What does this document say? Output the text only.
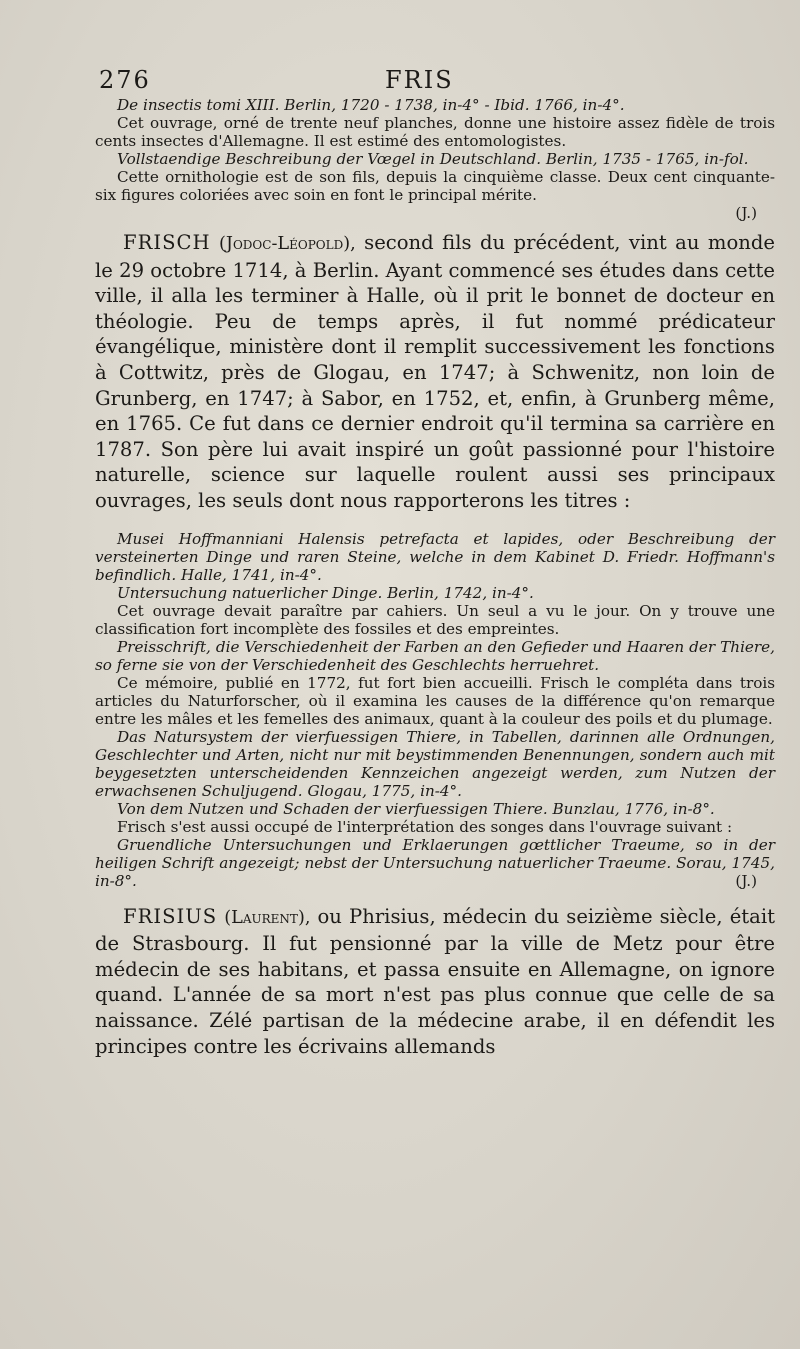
276	FRIS

De insectis tomi XIII. Berlin, 1720 - 1738, in-4° - Ibid. 1766, in-4°.

Cet ouvrage, orné de trente neuf planches, donne une histoire assez fidèle de trois cents insectes d'Allemagne. Il est estimé des entomologistes.

Vollstaendige Beschreibung der Vœgel in Deutschland. Berlin, 1735 - 1765, in-fol.

Cette ornithologie est de son fils, depuis la cinquième classe. Deux cent cinquante-six figures coloriées avec soin en font le principal mérite.

(J.)

FRISCH (Jodoc-Léopold), second fils du précédent, vint au monde le 29 octobre 1714, à Berlin. Ayant commencé ses études dans cette ville, il alla les terminer à Halle, où il prit le bonnet de docteur en théologie. Peu de temps après, il fut nommé prédicateur évangélique, ministère dont il remplit successivement les fonctions à Cottwitz, près de Glogau, en 1747; à Schwenitz, non loin de Grunberg, en 1747; à Sabor, en 1752, et, enfin, à Grunberg même, en 1765. Ce fut dans ce dernier endroit qu'il termina sa carrière en 1787. Son père lui avait inspiré un goût passionné pour l'histoire naturelle, science sur laquelle roulent aussi ses principaux ouvrages, les seuls dont nous rapporterons les titres :

Musei Hoffmanniani Halensis petrefacta et lapides, oder Beschreibung der versteinerten Dinge und raren Steine, welche in dem Kabinet D. Friedr. Hoffmann's befindlich. Halle, 1741, in-4°.

Untersuchung natuerlicher Dinge. Berlin, 1742, in-4°.

Cet ouvrage devait paraître par cahiers. Un seul a vu le jour. On y trouve une classification fort incomplète des fossiles et des empreintes.

Preisschrift, die Verschiedenheit der Farben an den Gefieder und Haaren der Thiere, so ferne sie von der Verschiedenheit des Geschlechts herruehret.

Ce mémoire, publié en 1772, fut fort bien accueilli. Frisch le compléta dans trois articles du Naturforscher, où il examina les causes de la différence qu'on remarque entre les mâles et les femelles des animaux, quant à la couleur des poils et du plumage.

Das Natursystem der vierfuessigen Thiere, in Tabellen, darinnen alle Ordnungen, Geschlechter und Arten, nicht nur mit beystimmenden Benennungen, sondern auch mit beygesetzten unterscheidenden Kennzeichen angezeigt werden, zum Nutzen der erwachsenen Schuljugend. Glogau, 1775, in-4°.

Von dem Nutzen und Schaden der vierfuessigen Thiere. Bunzlau, 1776, in-8°.

Frisch s'est aussi occupé de l'interprétation des songes dans l'ouvrage suivant :

Gruendliche Untersuchungen und Erklaerungen gœttlicher Traeume, so in der heiligen Schrift angezeigt; nebst der Untersuchung natuerlicher Traeume. Sorau, 1745, in-8°.	(J.)

FRISIUS (Laurent), ou Phrisius, médecin du seizième siècle, était de Strasbourg. Il fut pensionné par la ville de Metz pour être médecin de ses habitans, et passa ensuite en Allemagne, on ignore quand. L'année de sa mort n'est pas plus connue que celle de sa naissance. Zélé partisan de la médecine arabe, il en défendit les principes contre les écrivains allemands
